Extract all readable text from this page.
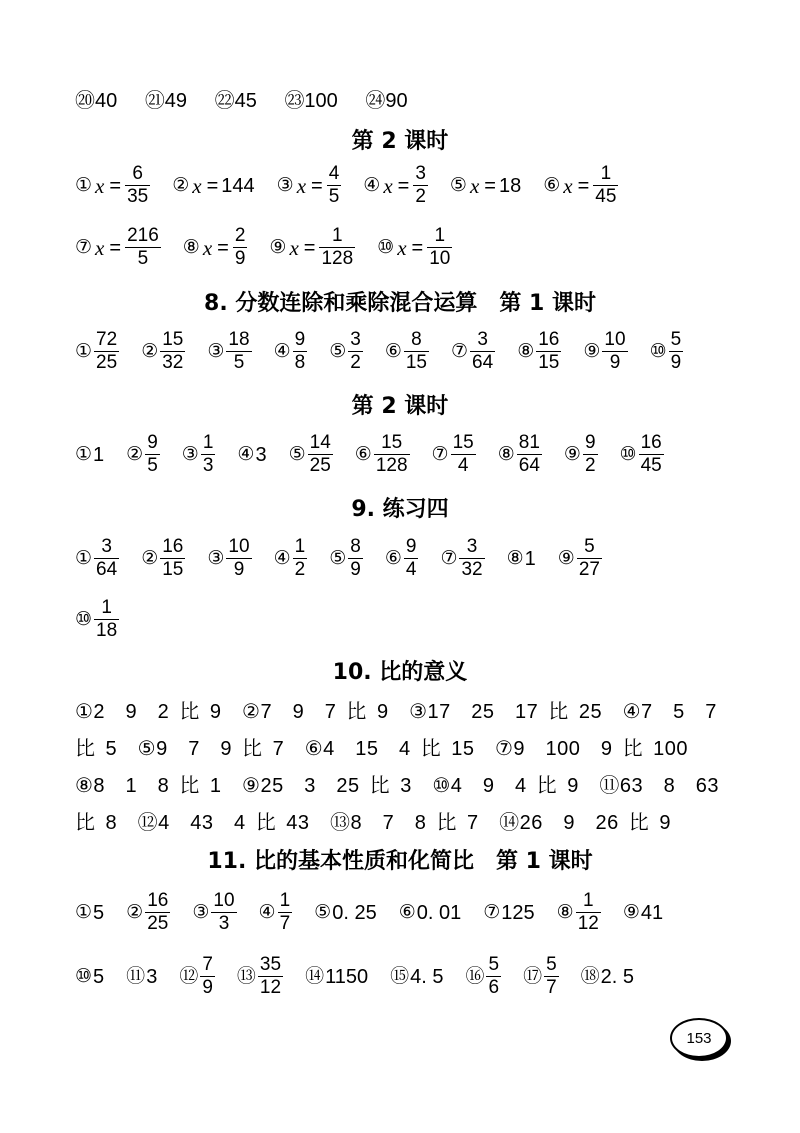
⑳40 ㉑49 ㉒45 ㉓100 ㉔90
第 2 课时
① $x = \frac{6}{35}$ ② x = 144 ③ $x = \frac{4}{5}$ ④ $x = \frac{3}{2}$ ⑤ x = 18 ⑥ $x = \frac{1}{45}$
⑦ $x = \frac{216}{5}$ ⑧ $x = \frac{2}{9}$ ⑨ $x = \frac{1}{128}$ ⑩ $x = \frac{1}{10}$
8. 分数连除和乘除混合运算　第 1 课时
① $\frac{72}{25}$ ② $\frac{15}{32}$ ③ $\frac{18}{5}$ ④ $\frac{9}{8}$ ⑤ $\frac{3}{2}$ ⑥ $\frac{8}{15}$ ⑦ $\frac{3}{64}$ ⑧ $\frac{16}{15}$ ⑨ $\frac{10}{9}$ ⑩ $\frac{5}{9}$
第 2 课时
① 1 ② $\frac{9}{5}$ ③ $\frac{1}{3}$ ④ 3 ⑤ $\frac{14}{25}$ ⑥ $\frac{15}{128}$ ⑦ $\frac{15}{4}$ ⑧ $\frac{81}{64}$ ⑨ $\frac{9}{2}$ ⑩ $\frac{16}{45}$
9. 练习四
① $\frac{3}{64}$ ② $\frac{16}{15}$ ③ $\frac{10}{9}$ ④ $\frac{1}{2}$ ⑤ $\frac{8}{9}$ ⑥ $\frac{9}{4}$ ⑦ $\frac{3}{32}$ ⑧ 1 ⑨ $\frac{5}{27}$
⑩ $\frac{1}{18}$
10. 比的意义
①2　9　2 比 9　②7　9　7 比 9　③17　25　17 比 25　④7　5　7
比 5　⑤9　7　9 比 7　⑥4　15　4 比 15　⑦9　100　9 比 100
⑧8　1　8 比 1　⑨25　3　25 比 3　⑩4　9　4 比 9　⑪63　8　63
比 8　⑫4　43　4 比 43　⑬8　7　8 比 7　⑭26　9　26 比 9
11. 比的基本性质和化简比　第 1 课时
① 5 ② $\frac{16}{25}$ ③ $\frac{10}{3}$ ④ $\frac{1}{7}$ ⑤ 0. 25 ⑥ 0. 01 ⑦ 125 ⑧ $\frac{1}{12}$ ⑨ 41
⑩ 5 ⑪ 3 ⑫ $\frac{7}{9}$ ⑬ $\frac{35}{12}$ ⑭ 1150 ⑮ 4. 5 ⑯ $\frac{5}{6}$ ⑰ $\frac{5}{7}$ ⑱ 2. 5
153
